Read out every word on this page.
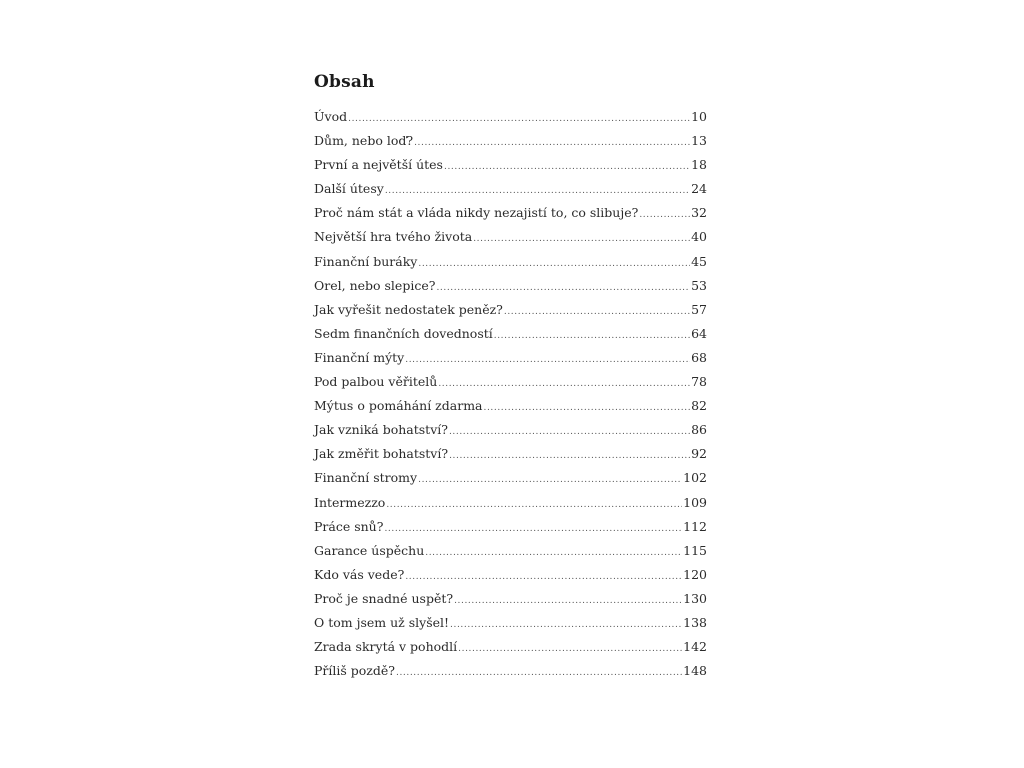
Obsah
Úvod .....	10
Dům, nebo loď? .....	13
První a největší útes .....	18
Další útesy .....	24
Proč nám stát a vláda nikdy nezajistí to, co slibuje? .....	32
Největší hra tvého života .....	40
Finanční buráky .....	45
Orel, nebo slepice? .....	53
Jak vyřešit nedostatek peněz? .....	57
Sedm finančních dovedností .....	64
Finanční mýty .....	68
Pod palbou věřitelů .....	78
Mýtus o pomáhání zdarma .....	82
Jak vzniká bohatství? .....	86
Jak změřit bohatství? .....	92
Finanční stromy .....	102
Intermezzo .....	109
Práce snů? .....	112
Garance úspěchu .....	115
Kdo vás vede? .....	120
Proč je snadné uspět? .....	130
O tom jsem už slyšel! .....	138
Zrada skrytá v pohodlí .....	142
Příliš pozdě? .....	148
